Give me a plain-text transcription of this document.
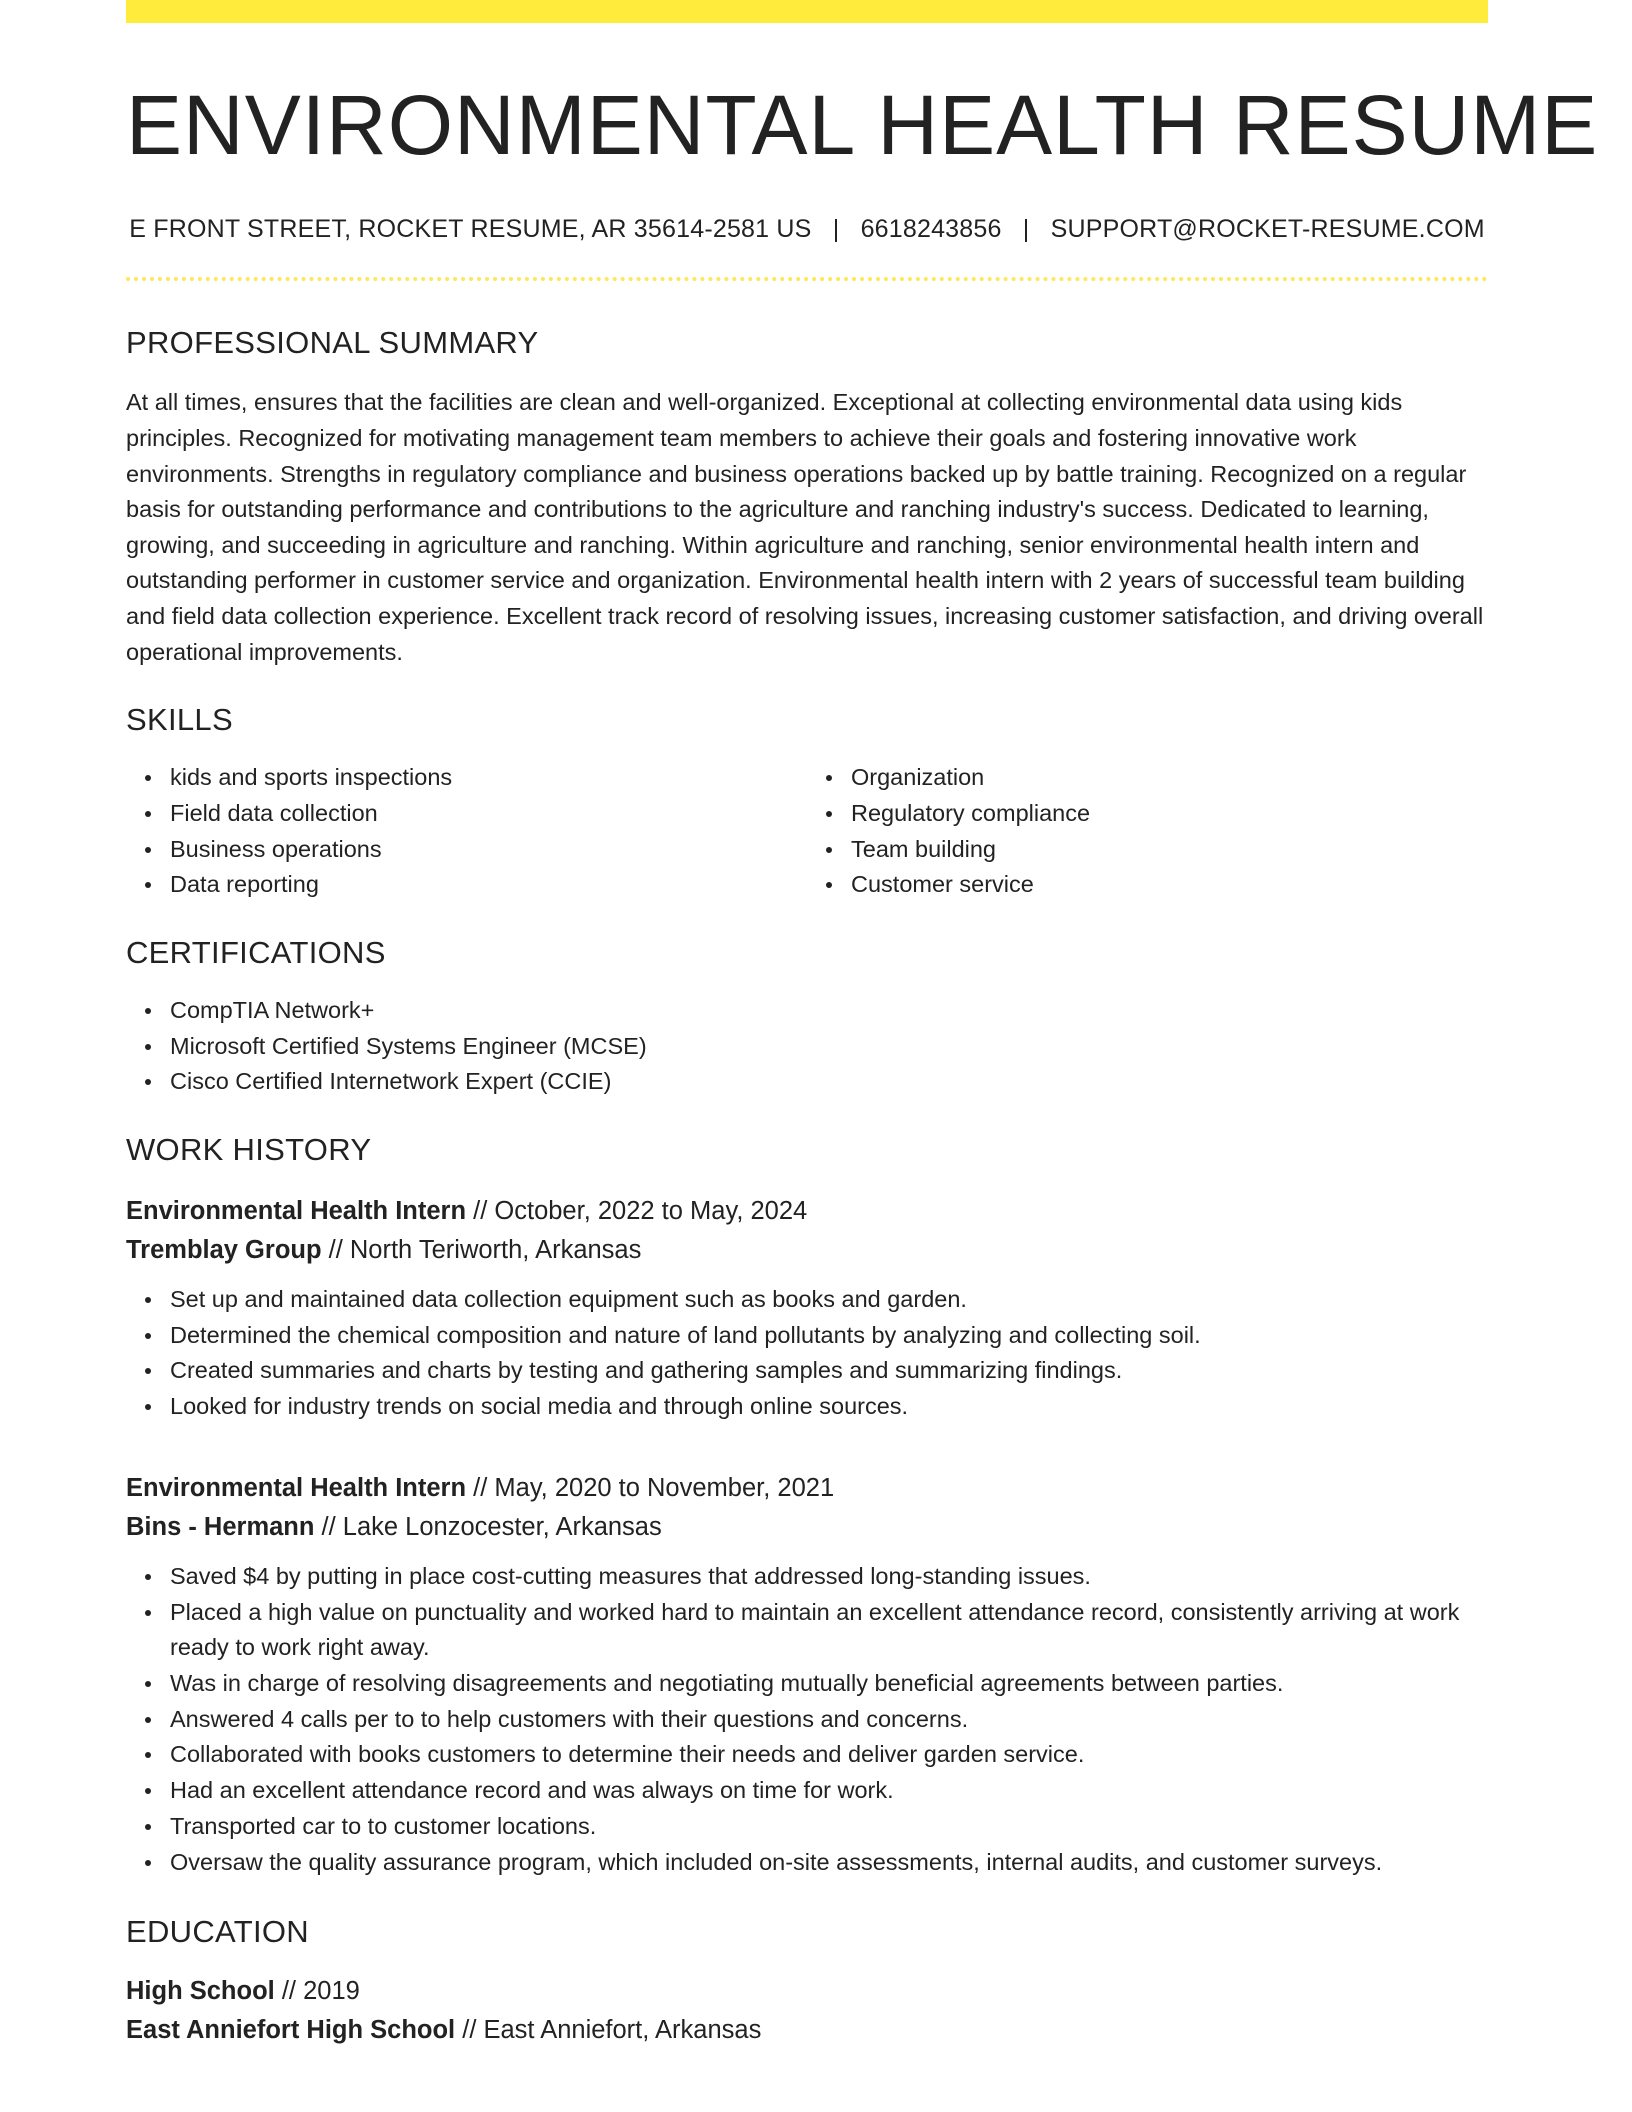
ENVIRONMENTAL HEALTH RESUME
E FRONT STREET, ROCKET RESUME, AR 35614-2581 US | 6618243856 | SUPPORT@ROCKET-RESUME.COM
PROFESSIONAL SUMMARY

At all times, ensures that the facilities are clean and well-organized. Exceptional at collecting environmental data using kids principles. Recognized for motivating management team members to achieve their goals and fostering innovative work environments. Strengths in regulatory compliance and business operations backed up by battle training. Recognized on a regular basis for outstanding performance and contributions to the agriculture and ranching industry's success. Dedicated to learning, growing, and succeeding in agriculture and ranching. Within agriculture and ranching, senior environmental health intern and outstanding performer in customer service and organization. Environmental health intern with 2 years of successful team building and field data collection experience. Excellent track record of resolving issues, increasing customer satisfaction, and driving overall operational improvements.

SKILLS
kids and sports inspections
Field data collection
Business operations
Data reporting
Organization
Regulatory compliance
Team building
Customer service
CERTIFICATIONS
CompTIA Network+
Microsoft Certified Systems Engineer (MCSE)
Cisco Certified Internetwork Expert (CCIE)
WORK HISTORY
Environmental Health Intern // October, 2022 to May, 2024
Tremblay Group // North Teriworth, Arkansas
Set up and maintained data collection equipment such as books and garden.
Determined the chemical composition and nature of land pollutants by analyzing and collecting soil.
Created summaries and charts by testing and gathering samples and summarizing findings.
Looked for industry trends on social media and through online sources.
Environmental Health Intern // May, 2020 to November, 2021
Bins - Hermann // Lake Lonzocester, Arkansas
Saved $4 by putting in place cost-cutting measures that addressed long-standing issues.
Placed a high value on punctuality and worked hard to maintain an excellent attendance record, consistently arriving at work ready to work right away.
Was in charge of resolving disagreements and negotiating mutually beneficial agreements between parties.
Answered 4 calls per to to help customers with their questions and concerns.
Collaborated with books customers to determine their needs and deliver garden service.
Had an excellent attendance record and was always on time for work.
Transported car to to customer locations.
Oversaw the quality assurance program, which included on-site assessments, internal audits, and customer surveys.
EDUCATION
High School // 2019
East Anniefort High School // East Anniefort, Arkansas
